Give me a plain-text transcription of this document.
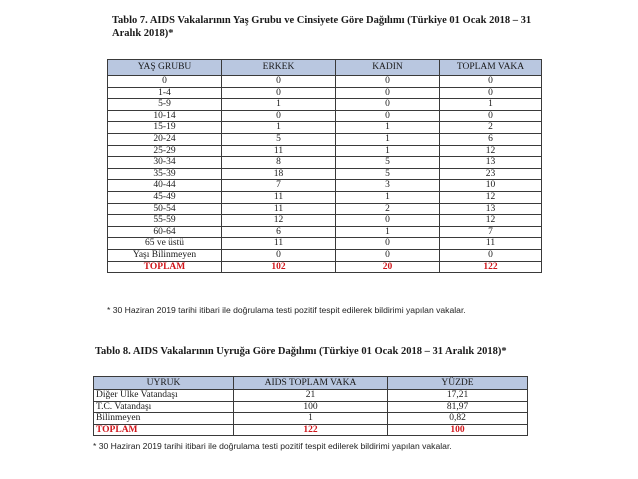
Tablo 7. AIDS Vakalarının Yaş Grubu ve Cinsiyete Göre Dağılımı (Türkiye 01 Ocak 2018 – 31 Aralık 2018)*
YAŞ GRUBU	ERKEK	KADIN	TOPLAM VAKA
0	0	0	0
1-4	0	0	0
5-9	1	0	1
10-14	0	0	0
15-19	1	1	2
20-24	5	1	6
25-29	11	1	12
30-34	8	5	13
35-39	18	5	23
40-44	7	3	10
45-49	11	1	12
50-54	11	2	13
55-59	12	0	12
60-64	6	1	7
65 ve üstü	11	0	11
Yaşı Bilinmeyen	0	0	0
TOPLAM	102	20	122
* 30 Haziran 2019 tarihi itibari ile doğrulama testi pozitif tespit edilerek bildirimi yapılan vakalar.
Tablo 8. AIDS Vakalarının Uyruğa Göre Dağılımı (Türkiye 01 Ocak 2018 – 31 Aralık 2018)*
UYRUK	AIDS TOPLAM VAKA	YÜZDE
Diğer Ülke Vatandaşı	21	17,21
T.C. Vatandaşı	100	81,97
Bilinmeyen	1	0,82
TOPLAM	122	100
* 30 Haziran 2019 tarihi itibari ile doğrulama testi pozitif tespit edilerek bildirimi yapılan vakalar.
